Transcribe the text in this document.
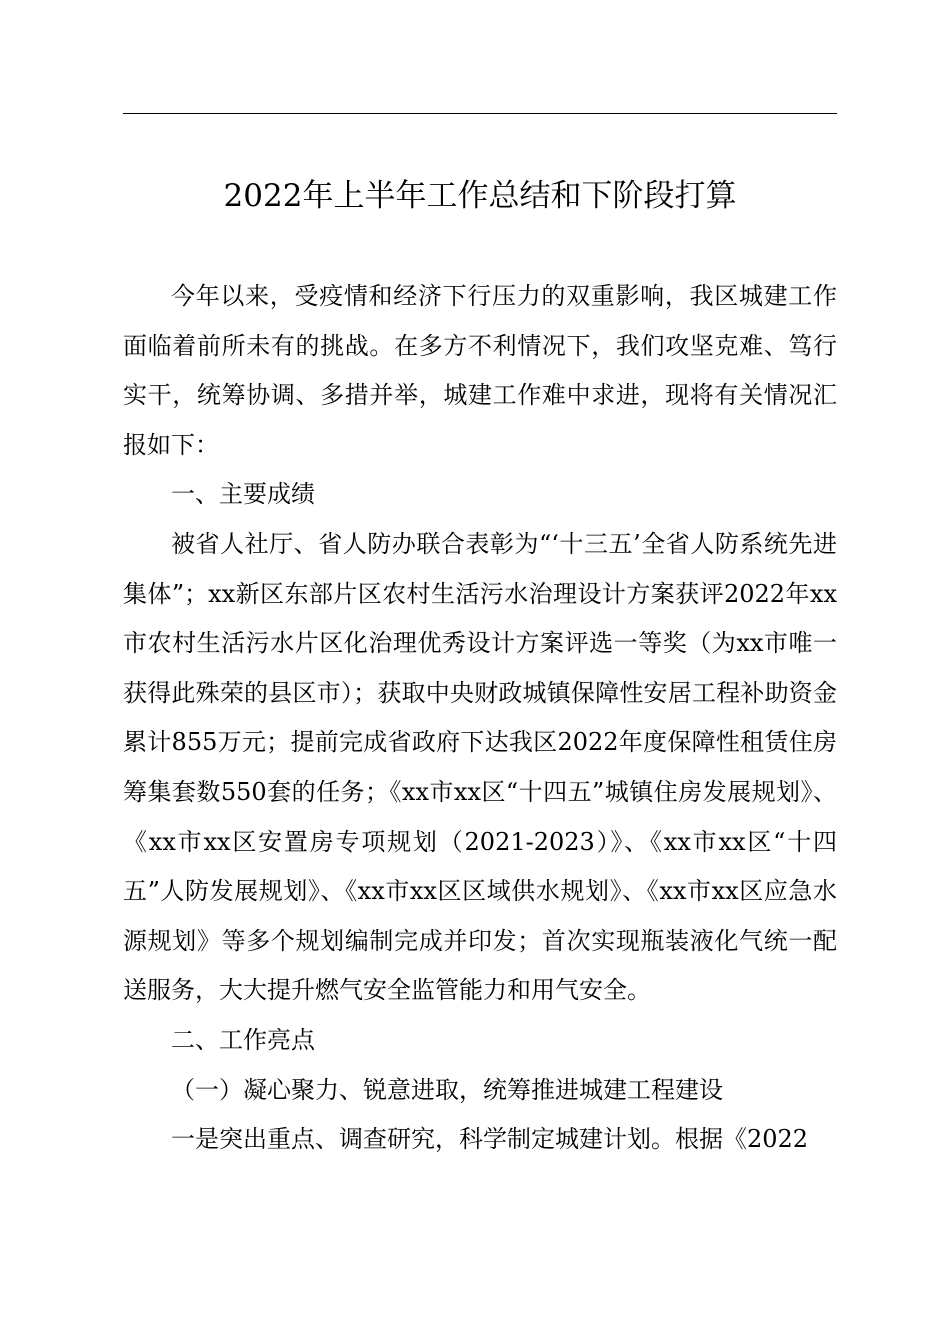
2022年上半年工作总结和下阶段打算

今年以来，受疫情和经济下行压力的双重影响，我区城建工作面临着前所未有的挑战。在多方不利情况下，我们攻坚克难、笃行实干，统筹协调、多措并举，城建工作难中求进，现将有关情况汇报如下：

一、主要成绩

被省人社厅、省人防办联合表彰为“‘十三五’全省人防系统先进集体”；xx新区东部片区农村生活污水治理设计方案获评2022年xx市农村生活污水片区化治理优秀设计方案评选一等奖（为xx市唯一获得此殊荣的县区市）；获取中央财政城镇保障性安居工程补助资金累计855万元；提前完成省政府下达我区2022年度保障性租赁住房筹集套数550套的任务；《xx市xx区“十四五”城镇住房发展规划》、《xx市xx区安置房专项规划（2021-2023）》、《xx市xx区“十四五”人防发展规划》、《xx市xx区区域供水规划》、《xx市xx区应急水源规划》等多个规划编制完成并印发；首次实现瓶装液化气统一配送服务，大大提升燃气安全监管能力和用气安全。

二、工作亮点

（一）凝心聚力、锐意进取，统筹推进城建工程建设

一是突出重点、调查研究，科学制定城建计划。根据《2022
